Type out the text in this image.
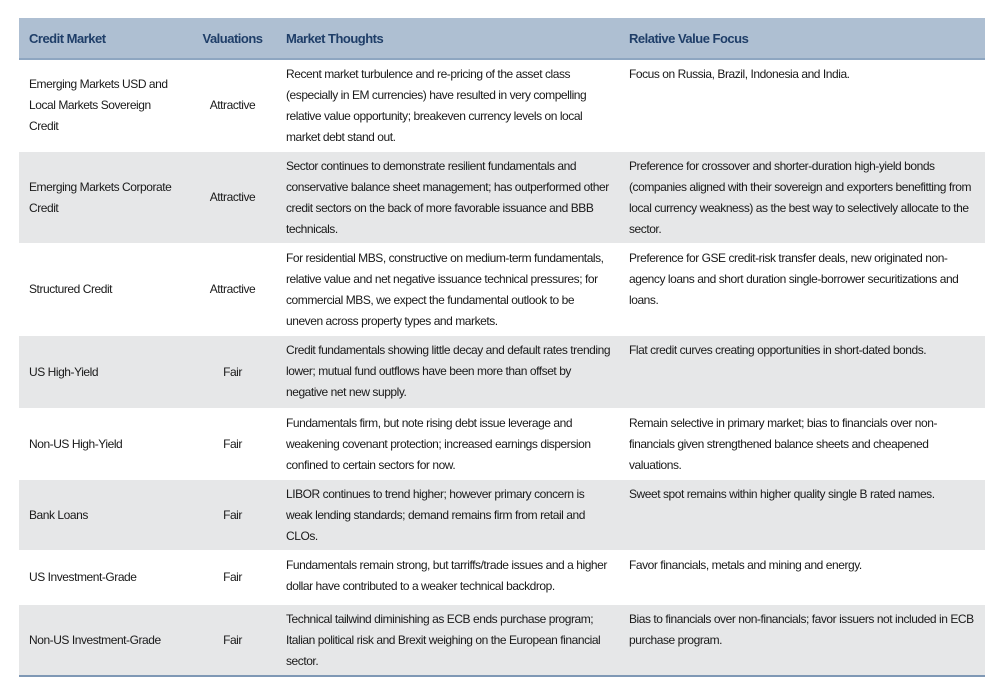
Credit Market	Valuations	Market Thoughts	Relative Value Focus
Emerging Markets USD and Local Markets Sovereign Credit	Attractive	Recent market turbulence and re-pricing of the asset class (especially in EM currencies) have resulted in very compelling relative value opportunity; breakeven currency levels on local market debt stand out.	Focus on Russia, Brazil, Indonesia and India.
Emerging Markets Corporate Credit	Attractive	Sector continues to demonstrate resilient fundamentals and conservative balance sheet management; has outperformed other credit sectors on the back of more favorable issuance and BBB technicals.	Preference for crossover and shorter-duration high-yield bonds (companies aligned with their sovereign and exporters benefitting from local currency weakness) as the best way to selectively allocate to the sector.
Structured Credit	Attractive	For residential MBS, constructive on medium-term fundamentals, relative value and net negative issuance technical pressures; for commercial MBS, we expect the fundamental outlook to be uneven across property types and markets.	Preference for GSE credit-risk transfer deals, new originated non-agency loans and short duration single-borrower securitizations and loans.
US High-Yield	Fair	Credit fundamentals showing little decay and default rates trending lower; mutual fund outflows have been more than offset by negative net new supply.	Flat credit curves creating opportunities in short-dated bonds.
Non-US High-Yield	Fair	Fundamentals firm, but note rising debt issue leverage and weakening covenant protection; increased earnings dispersion confined to certain sectors for now.	Remain selective in primary market; bias to financials over non-financials given strengthened balance sheets and cheapened valuations.
Bank Loans	Fair	LIBOR continues to trend higher; however primary concern is weak lending standards; demand remains firm from retail and CLOs.	Sweet spot remains within higher quality single B rated names.
US Investment-Grade	Fair	Fundamentals remain strong, but tarriffs/trade issues and a higher dollar have contributed to a weaker technical backdrop.	Favor financials, metals and mining and energy.
Non-US Investment-Grade	Fair	Technical tailwind diminishing as ECB ends purchase program; Italian political risk and Brexit weighing on the European financial sector.	Bias to financials over non-financials; favor issuers not included in ECB purchase program.
